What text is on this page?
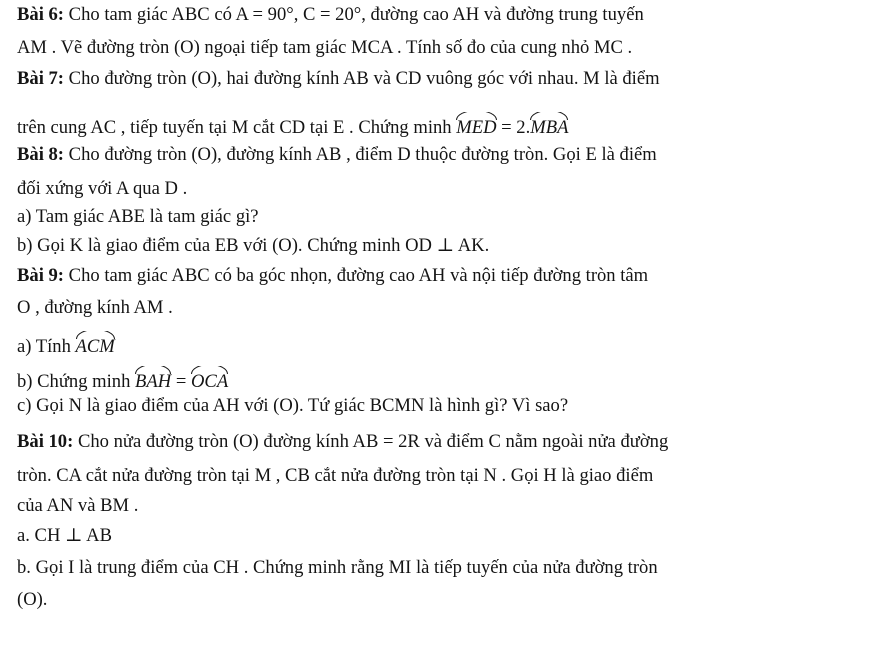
Bài 6: Cho tam giác ABC có A = 90°, C = 20°, đường cao AH và đường trung tuyến
AM . Vẽ đường tròn (O) ngoại tiếp tam giác MCA . Tính số đo của cung nhỏ MC .
Bài 7: Cho đường tròn (O), hai đường kính AB và CD vuông góc với nhau. M là điểm
trên cung AC , tiếp tuyến tại M cắt CD tại E . Chứng minh MED = 2.MBA
Bài 8: Cho đường tròn (O), đường kính AB , điểm D thuộc đường tròn. Gọi E là điểm
đối xứng với A qua D .
a) Tam giác ABE là tam giác gì?
b) Gọi K là giao điểm của EB với (O). Chứng minh OD ⊥ AK.
Bài 9: Cho tam giác ABC có ba góc nhọn, đường cao AH và nội tiếp đường tròn tâm
O , đường kính AM .
a) Tính ACM
b) Chứng minh BAH = OCA
c) Gọi N là giao điểm của AH với (O). Tứ giác BCMN là hình gì? Vì sao?
Bài 10: Cho nửa đường tròn (O) đường kính AB = 2R và điểm C nằm ngoài nửa đường
tròn. CA cắt nửa đường tròn tại M , CB cắt nửa đường tròn tại N . Gọi H là giao điểm
của AN và BM .
a. CH ⊥ AB
b. Gọi I là trung điểm của CH . Chứng minh rằng MI là tiếp tuyến của nửa đường tròn
(O).
